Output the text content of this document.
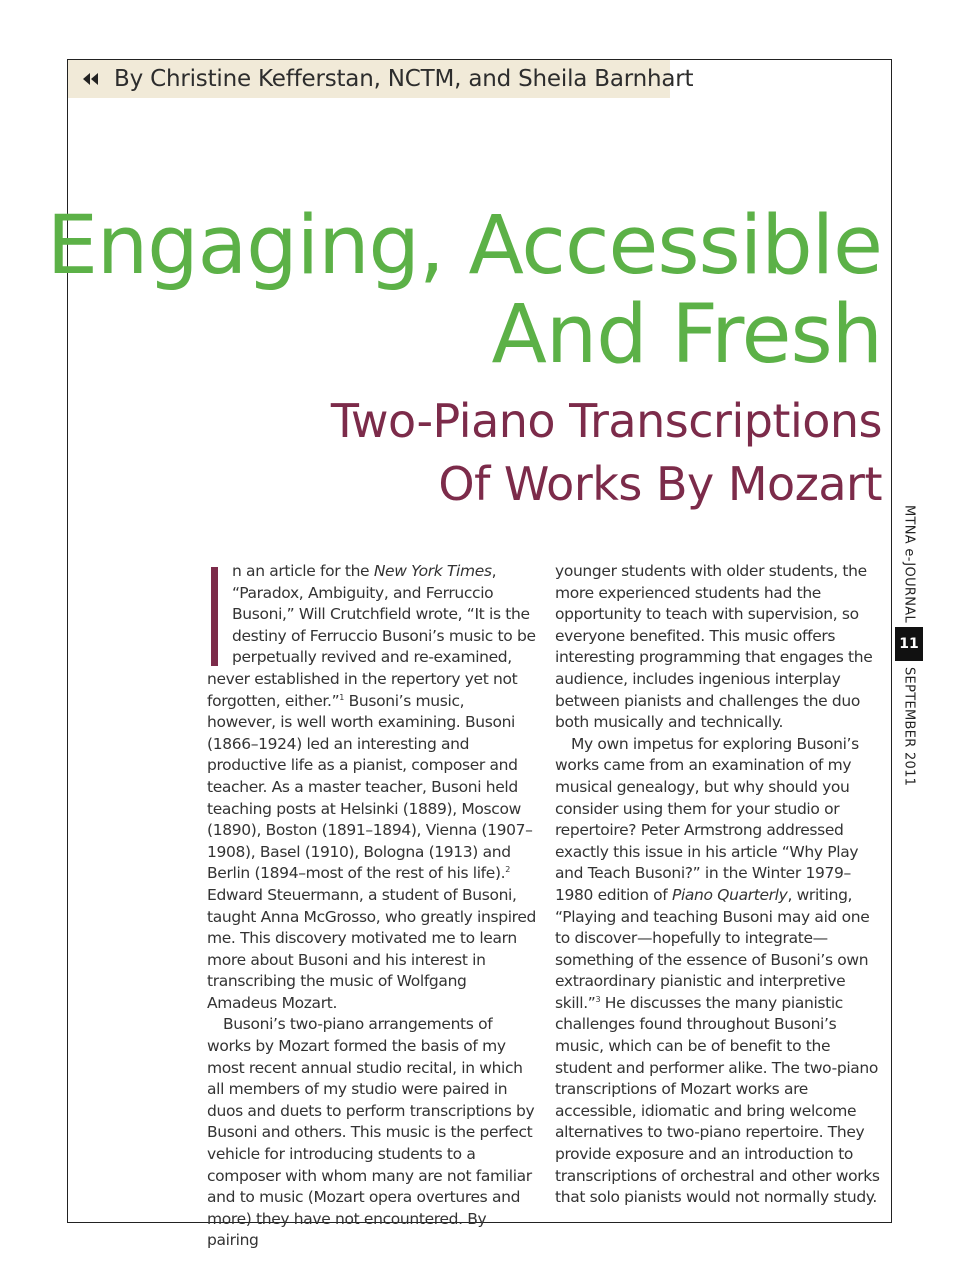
By Christine Kefferstan, NCTM, and Sheila Barnhart
Engaging, Accessible
And Fresh
Two-Piano Transcriptions
Of Works By Mozart

n an article for the New York Times, “Paradox, Ambiguity, and Ferruccio Busoni,” Will Crutchfield wrote, “It is the destiny of Ferruccio Busoni’s music to be perpetually revived and re-examined, never established in the repertory yet not forgotten, either.”$^1$ Busoni’s music, however, is well worth examining. Busoni (1866–1924) led an interesting and productive life as a pianist, composer and teacher. As a master teacher, Busoni held teaching posts at Helsinki (1889), Moscow (1890), Boston (1891–1894), Vienna (1907–1908), Basel (1910), Bologna (1913) and Berlin (1894–most of the rest of his life).$^2$ Edward Steuermann, a student of Busoni, taught Anna McGrosso, who greatly inspired me. This discovery motivated me to learn more about Busoni and his interest in transcribing the music of Wolfgang Amadeus Mozart.

Busoni’s two-piano arrangements of works by Mozart formed the basis of my most recent annual studio recital, in which all members of my studio were paired in duos and duets to perform transcriptions by Busoni and others. This music is the perfect vehicle for introducing students to a composer with whom many are not familiar and to music (Mozart opera overtures and more) they have not encountered. By pairing

younger students with older students, the more experienced students had the opportunity to teach with supervision, so everyone benefited. This music offers interesting programming that engages the audience, includes ingenious interplay between pianists and challenges the duo both musically and technically.

My own impetus for exploring Busoni’s works came from an examination of my musical genealogy, but why should you consider using them for your studio or repertoire? Peter Armstrong addressed exactly this issue in his article “Why Play and Teach Busoni?” in the Winter 1979–1980 edition of Piano Quarterly, writing, “Playing and teaching Busoni may aid one to discover—hopefully to integrate—something of the essence of Busoni’s own extraordinary pianistic and interpretive skill.”$^3$ He discusses the many pianistic challenges found throughout Busoni’s music, which can be of benefit to the student and performer alike. The two-piano transcriptions of Mozart works are accessible, idiomatic and bring welcome alternatives to two-piano repertoire. They provide exposure and an introduction to transcriptions of orchestral and other works that solo pianists would not normally study.

MTNA e-JOURNAL
11
SEPTEMBER 2011
